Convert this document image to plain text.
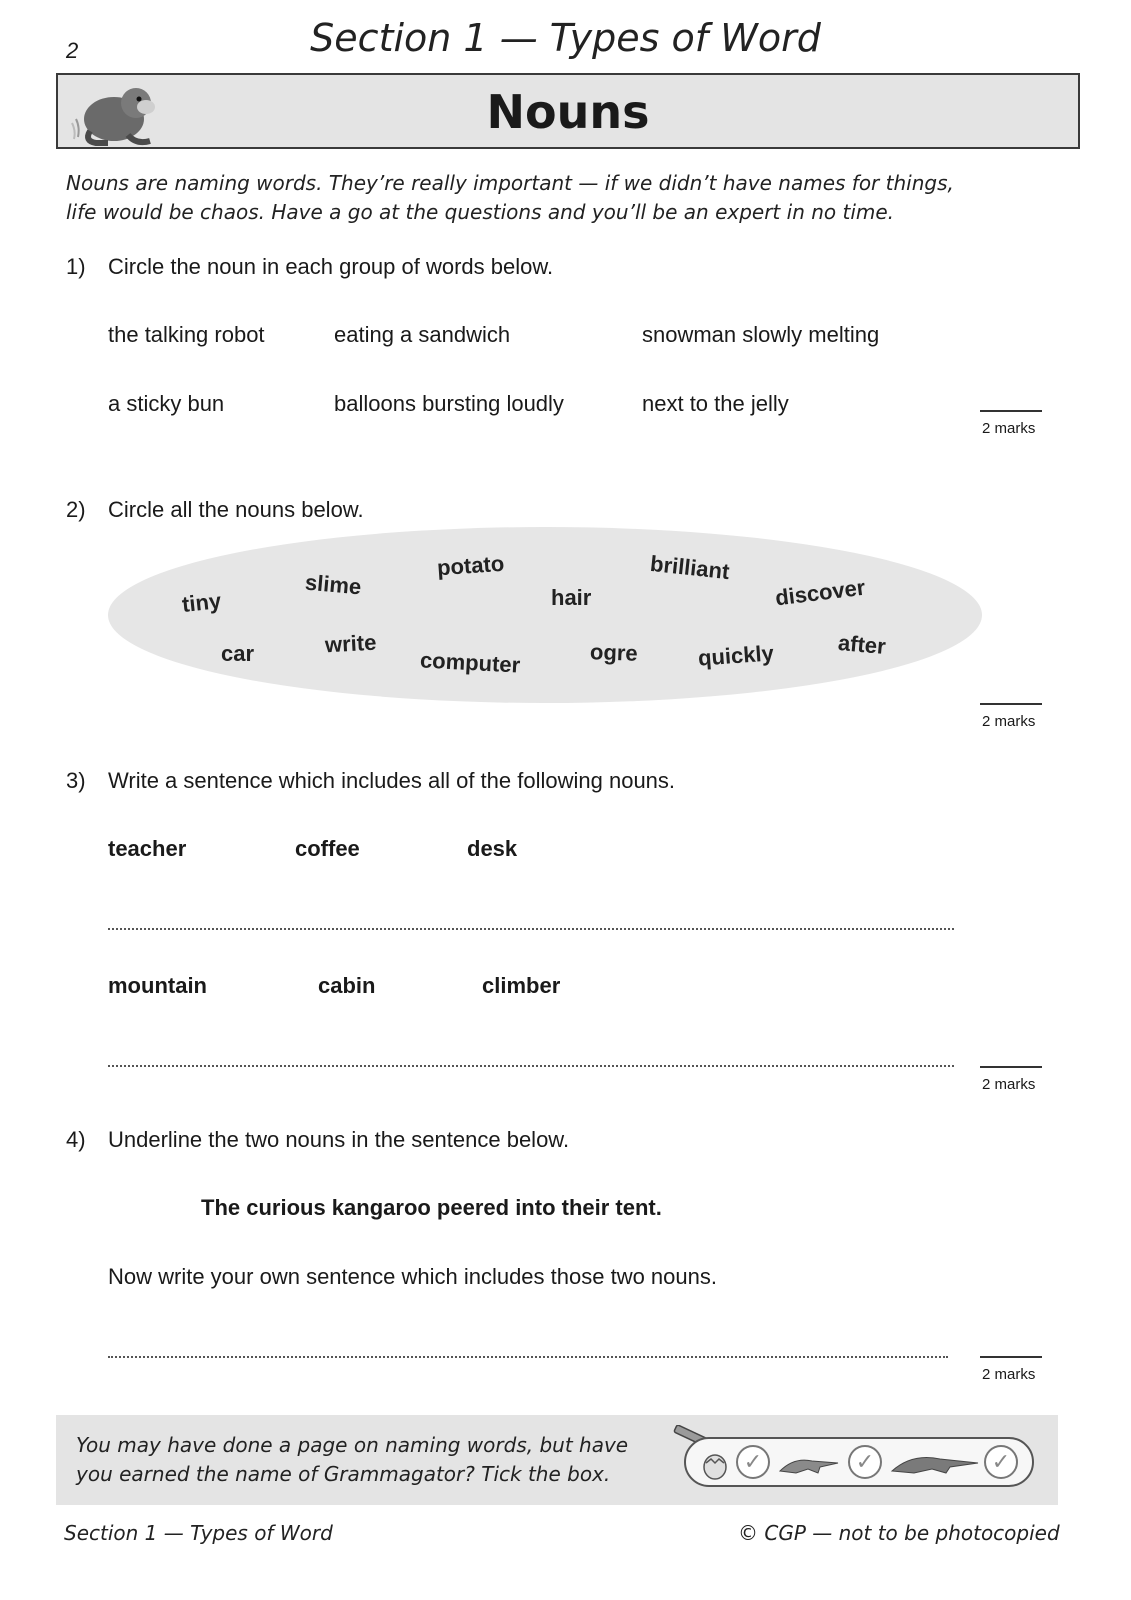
2	Section 1 — Types of Word
Nouns
Nouns are naming words. They’re really important — if we didn’t have names for things,
life would be chaos. Have a go at the questions and you’ll be an expert in no time.
1) Circle the noun in each group of words below.
the talking robot	eating a sandwich	snowman slowly melting
a sticky bun	balloons bursting loudly	next to the jelly
2 marks
2) Circle all the nouns below.
tiny
slime
potato
hair
brilliant
discover
car	write
computer	ogre	quickly	after
2 marks
3) Write a sentence which includes all of the following nouns.
teacher	coffee	desk
mountain	cabin	climber
2 marks
4) Underline the two nouns in the sentence below.
The curious kangaroo peered into their tent.
Now write your own sentence which includes those two nouns.
2 marks
You may have done a page on naming words, but have
you earned the name of Grammagator? Tick the box.	✓	✓	✓
Section 1 — Types of Word	© CGP — not to be photocopied
